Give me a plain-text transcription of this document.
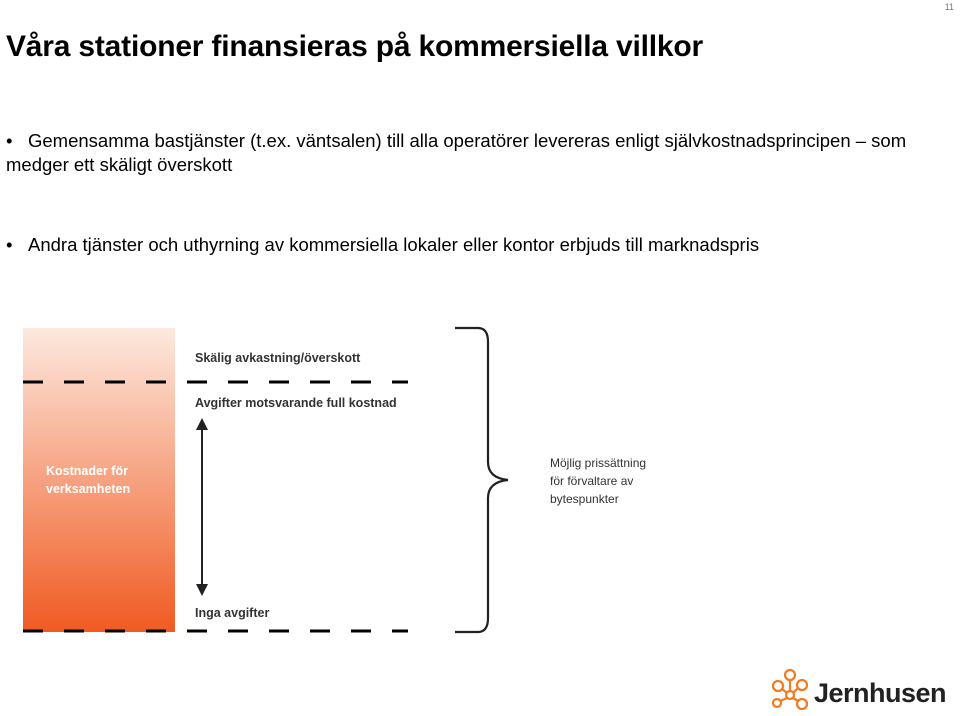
11
Våra stationer finansieras på kommersiella villkor
• Gemensamma bastjänster (t.ex. väntsalen) till alla operatörer levereras enligt självkostnadsprincipen – som medger ett skäligt överskott
• Andra tjänster och uthyrning av kommersiella lokaler eller kontor erbjuds till marknadspris
Kostnader för verksamheten
Skälig avkastning/överskott
Avgifter motsvarande full kostnad
Inga avgifter
Möjlig prissättning för förvaltare av bytespunkter
Jernhusen
